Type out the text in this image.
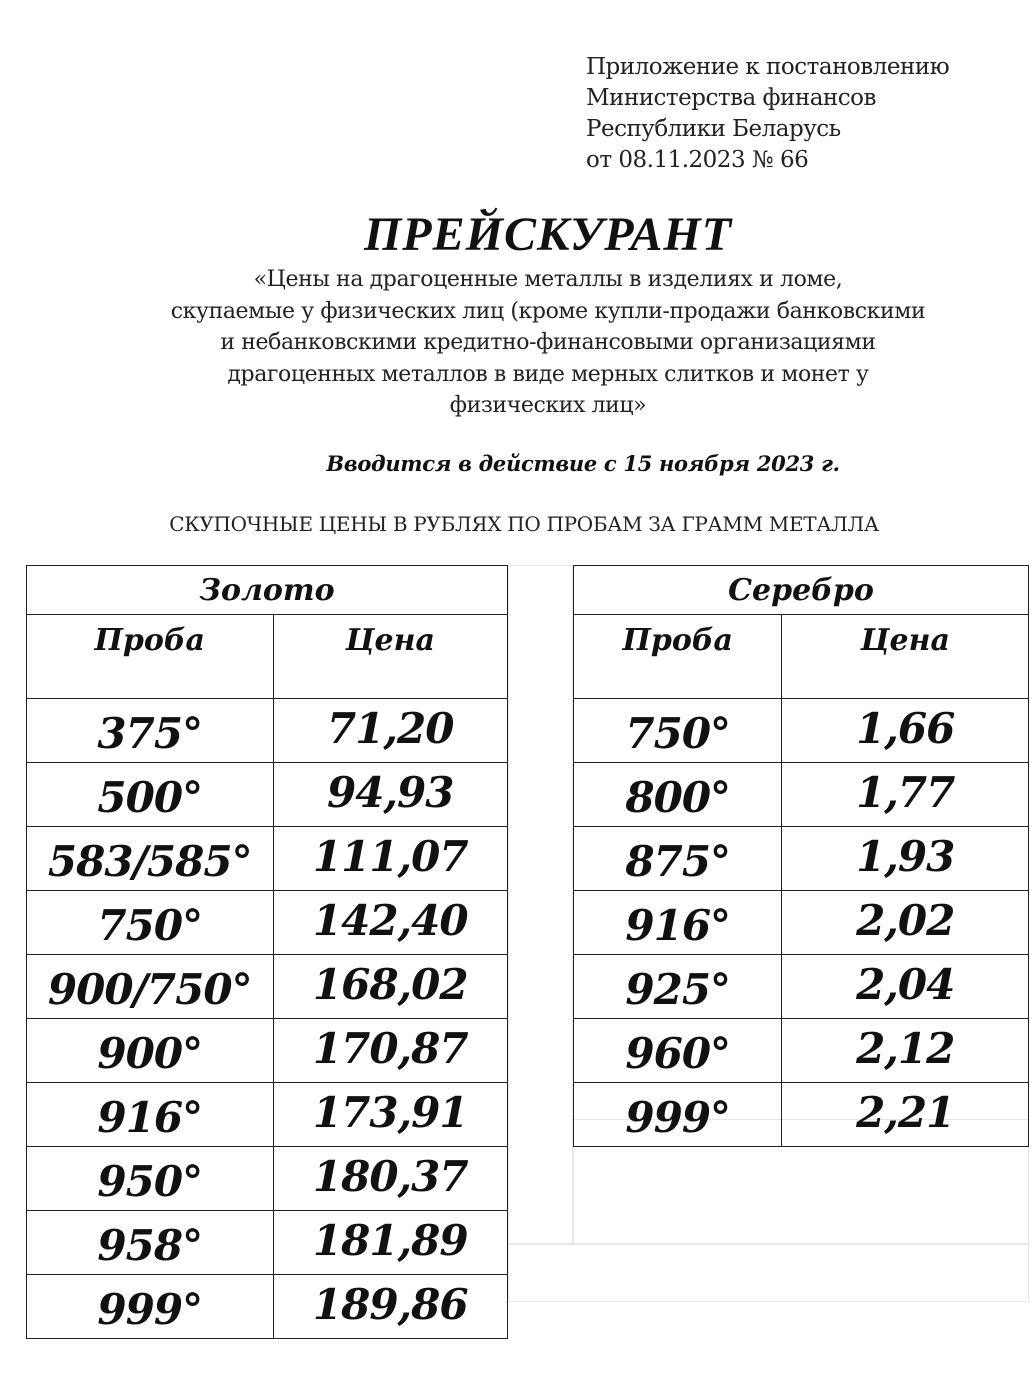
Приложение к постановлению
Министерства финансов
Республики Беларусь
от 08.11.2023 № 66
ПРЕЙСКУРАНТ
«Цены на драгоценные металлы в изделиях и ломе,
скупаемые у физических лиц (кроме купли-продажи банковскими
и небанковскими кредитно-финансовыми организациями
драгоценных металлов в виде мерных слитков и монет у
физических лиц»
Вводится в действие с 15 ноября 2023 г.
СКУПОЧНЫЕ ЦЕНЫ В РУБЛЯХ ПО ПРОБАМ ЗА ГРАММ МЕТАЛЛА
Золото	
Проба	Цена
375°	71,20
500°	94,93
583/585°	111,07
750°	142,40
900/750°	168,02
900°	170,87
916°	173,91
950°	180,37
958°	181,89
999°	189,86
Серебро	
Проба	Цена
750°	1,66
800°	1,77
875°	1,93
916°	2,02
925°	2,04
960°	2,12
999°	2,21
